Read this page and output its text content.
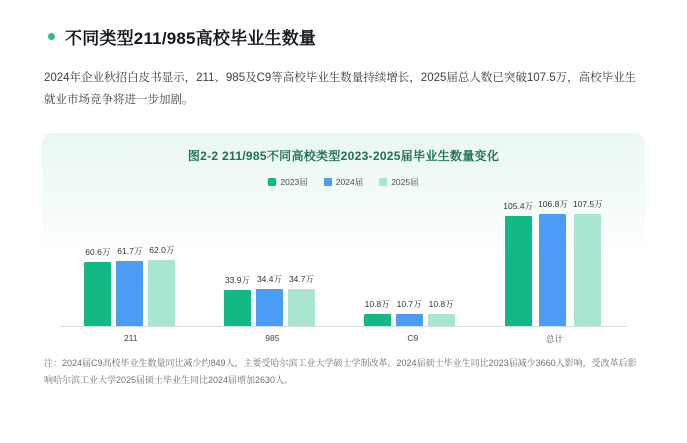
不同类型211/985高校毕业生数量

2024年企业秋招白皮书显示，211、985及C9等高校毕业生数量持续增长，2025届总人数已突破107.5万，高校毕业生就业市场竞争将进一步加剧。

图2-2 211/985不同高校类型2023-2025届毕业生数量变化
2023届	2024届	2025届
60.6万 61.7万 62.0万
33.9万 34.4万 34.7万
10.8万 10.7万 10.8万
105.4万 106.8万 107.5万
211	985	C9	总计
注：2024届C9高校毕业生数量同比减少约849人，主要受哈尔滨工业大学硕士学制改革。2024届硕士毕业生同比2023届减少3660人影响，受改革后影响哈尔滨工业大学2025届硕士毕业生同比2024届增加2630人。
